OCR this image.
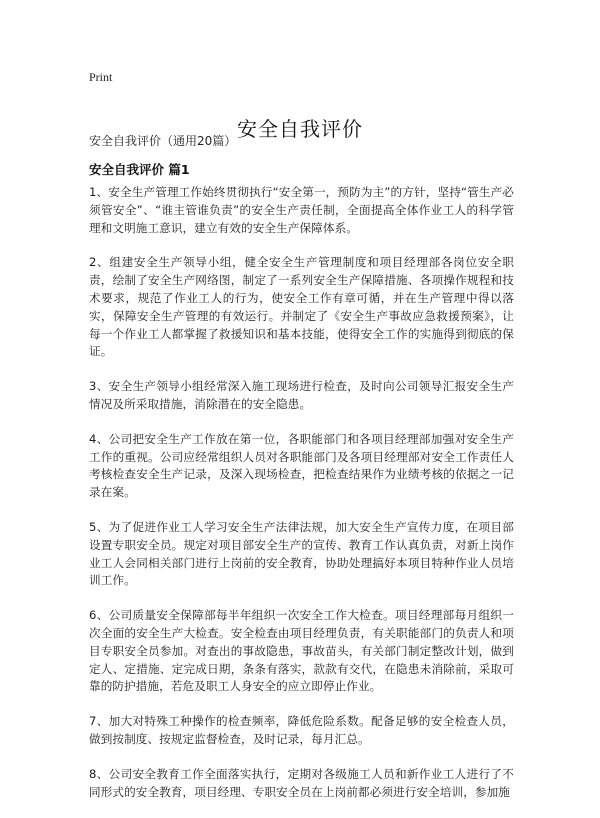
Print
安全自我评价
安全自我评价（通用20篇）
安全自我评价 篇1

1、安全生产管理工作始终贯彻执行“安全第一，预防为主”的方针，坚持“管生产必须管安全”、“谁主管谁负责”的安全生产责任制，全面提高全体作业工人的科学管理和文明施工意识，建立有效的安全生产保障体系。

2、组建安全生产领导小组，健全安全生产管理制度和项目经理部各岗位安全职责，绘制了安全生产网络图，制定了一系列安全生产保障措施、各项操作规程和技术要求，规范了作业工人的行为，使安全工作有章可循，并在生产管理中得以落实，保障安全生产管理的有效运行。并制定了《安全生产事故应急救援预案》，让每一个作业工人都掌握了救援知识和基本技能，使得安全工作的实施得到彻底的保证。

3、安全生产领导小组经常深入施工现场进行检查，及时向公司领导汇报安全生产情况及所采取措施，消除潜在的安全隐患。

4、公司把安全生产工作放在第一位，各职能部门和各项目经理部加强对安全生产工作的重视。公司应经常组织人员对各职能部门及各项目经理部对安全工作责任人考核检查安全生产记录，及深入现场检查，把检查结果作为业绩考核的依据之一记录在案。

5、为了促进作业工人学习安全生产法律法规，加大安全生产宣传力度，在项目部设置专职安全员。规定对项目部安全生产的宣传、教育工作认真负责，对新上岗作业工人会同相关部门进行上岗前的安全教育，协助处理搞好本项目特种作业人员培训工作。

6、公司质量安全保障部每半年组织一次安全工作大检查。项目经理部每月组织一次全面的安全生产大检查。安全检查由项目经理负责，有关职能部门的负责人和项目专职安全员参加。对查出的事故隐患，事故苗头，有关部门制定整改计划，做到定人、定措施、定完成日期，条条有落实，款款有交代，在隐患未消除前，采取可靠的防护措施，若危及职工人身安全的应立即停止作业。

7、加大对特殊工种操作的检查频率，降低危险系数。配备足够的安全检查人员，做到按制度、按规定监督检查，及时记录，每月汇总。

8、公司安全教育工作全面落实执行，定期对各级施工人员和新作业工人进行了不同形式的安全教育，项目经理、专职安全员在上岗前都必须进行安全培训，参加施
